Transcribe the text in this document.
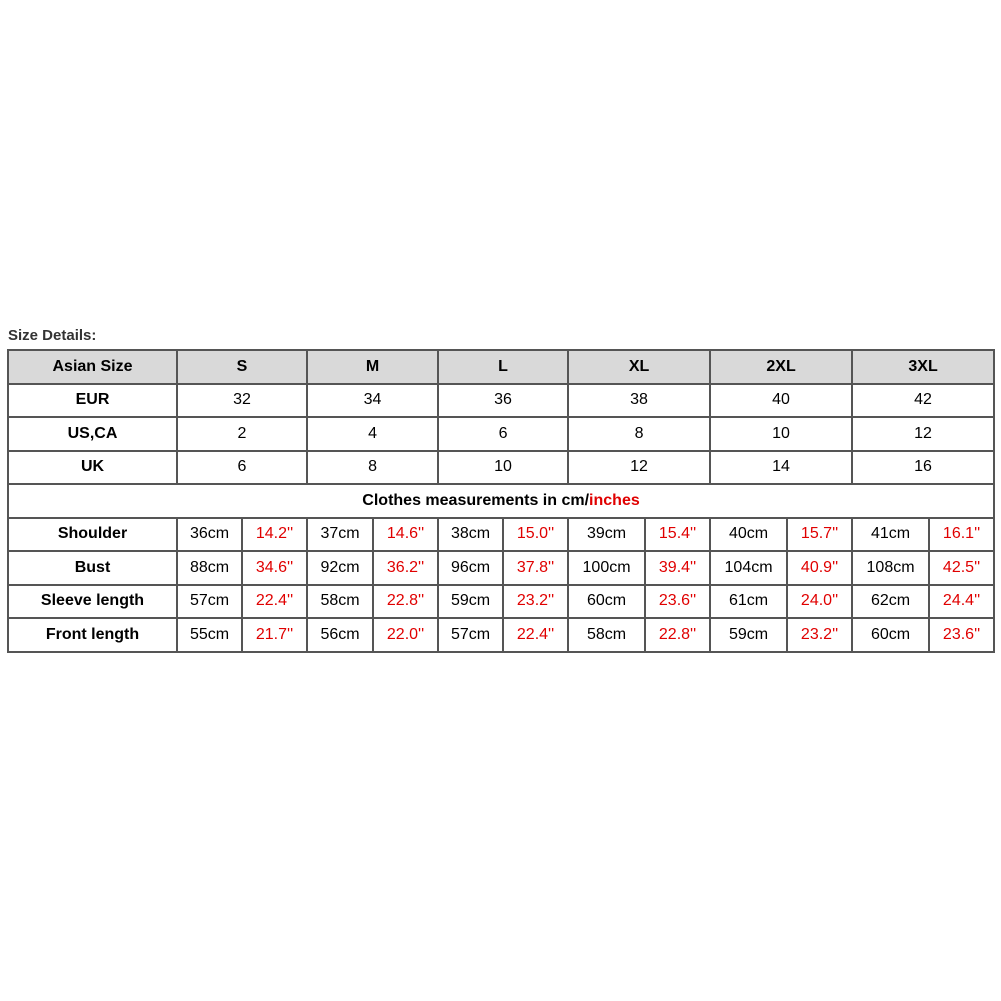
Size Details:
Asian Size	S		M		L		XL		2XL		3XL	
EUR	32		34		36		38		40		42	
US,CA	2		4		6		8		10		12	
UK	6		8		10		12		14		16	
Clothes measurements in cm/inches												
Shoulder	36cm	14.2''	37cm	14.6''	38cm	15.0''	39cm	15.4''	40cm	15.7''	41cm	16.1''
Bust	88cm	34.6''	92cm	36.2''	96cm	37.8''	100cm	39.4''	104cm	40.9''	108cm	42.5''
Sleeve length	57cm	22.4''	58cm	22.8''	59cm	23.2''	60cm	23.6''	61cm	24.0''	62cm	24.4''
Front length	55cm	21.7''	56cm	22.0''	57cm	22.4''	58cm	22.8''	59cm	23.2''	60cm	23.6''
